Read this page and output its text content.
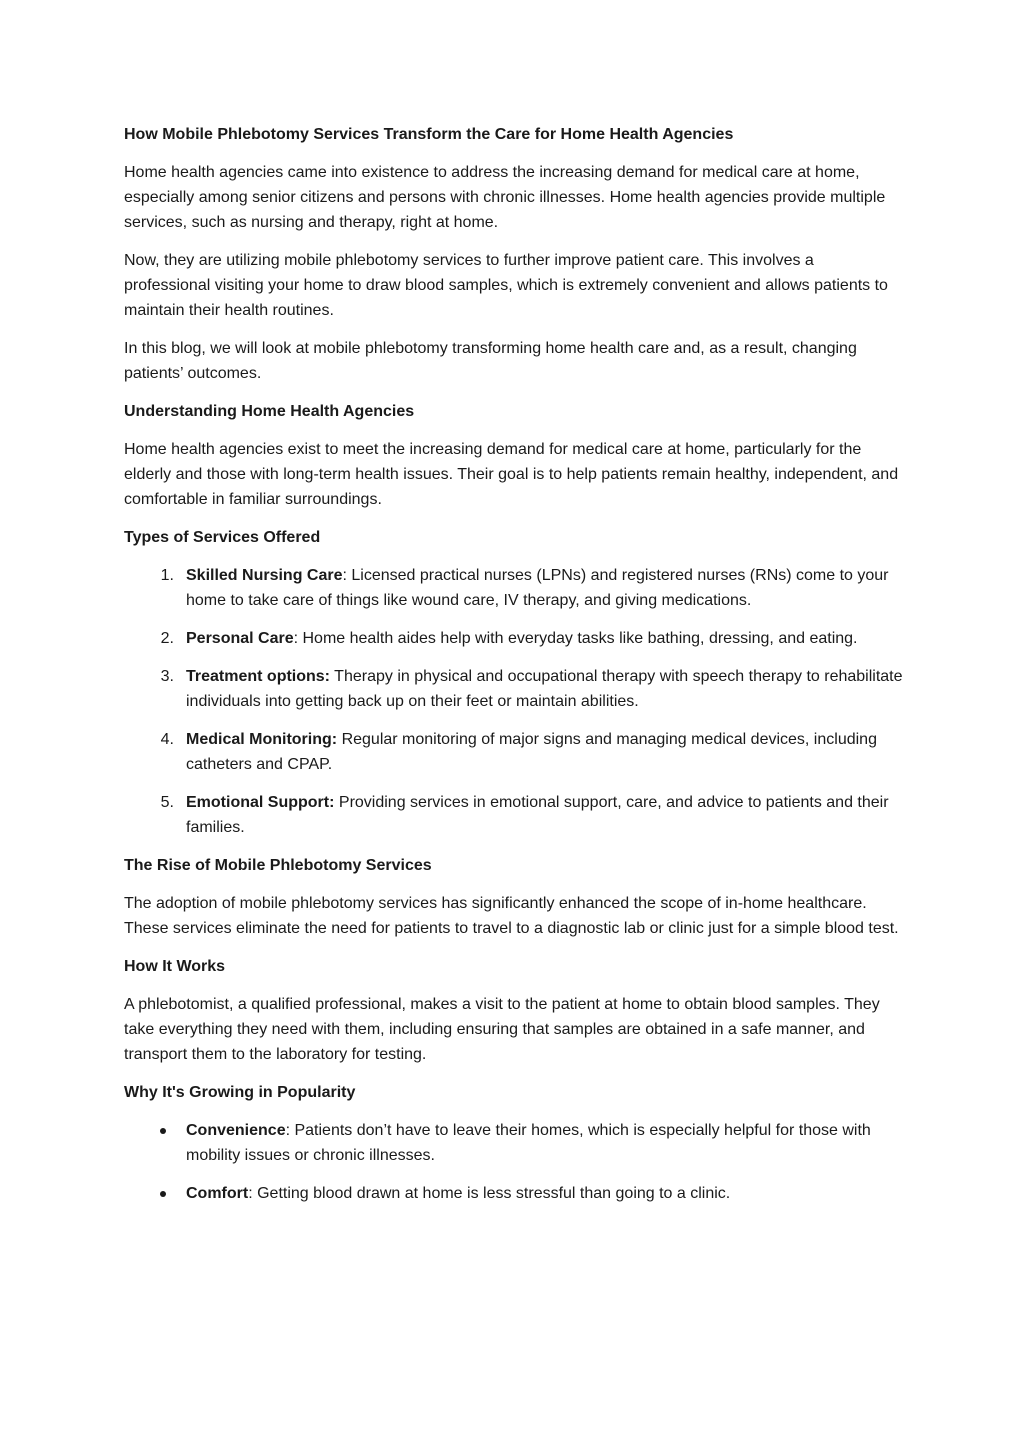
How Mobile Phlebotomy Services Transform the Care for Home Health Agencies

Home health agencies came into existence to address the increasing demand for medical care at home, especially among senior citizens and persons with chronic illnesses. Home health agencies provide multiple services, such as nursing and therapy, right at home.

Now, they are utilizing mobile phlebotomy services to further improve patient care. This involves a professional visiting your home to draw blood samples, which is extremely convenient and allows patients to maintain their health routines.

In this blog, we will look at mobile phlebotomy transforming home health care and, as a result, changing patients’ outcomes.

Understanding Home Health Agencies

Home health agencies exist to meet the increasing demand for medical care at home, particularly for the elderly and those with long-term health issues. Their goal is to help patients remain healthy, independent, and comfortable in familiar surroundings.

Types of Services Offered

1. Skilled Nursing Care: Licensed practical nurses (LPNs) and registered nurses (RNs) come to your home to take care of things like wound care, IV therapy, and giving medications.
2. Personal Care: Home health aides help with everyday tasks like bathing, dressing, and eating.
3. Treatment options: Therapy in physical and occupational therapy with speech therapy to rehabilitate individuals into getting back up on their feet or maintain abilities.
4. Medical Monitoring: Regular monitoring of major signs and managing medical devices, including catheters and CPAP.
5. Emotional Support: Providing services in emotional support, care, and advice to patients and their families.

The Rise of Mobile Phlebotomy Services

The adoption of mobile phlebotomy services has significantly enhanced the scope of in-home healthcare. These services eliminate the need for patients to travel to a diagnostic lab or clinic just for a simple blood test.

How It Works

A phlebotomist, a qualified professional, makes a visit to the patient at home to obtain blood samples. They take everything they need with them, including ensuring that samples are obtained in a safe manner, and transport them to the laboratory for testing.

Why It's Growing in Popularity

Convenience: Patients don’t have to leave their homes, which is especially helpful for those with mobility issues or chronic illnesses.
Comfort: Getting blood drawn at home is less stressful than going to a clinic.
